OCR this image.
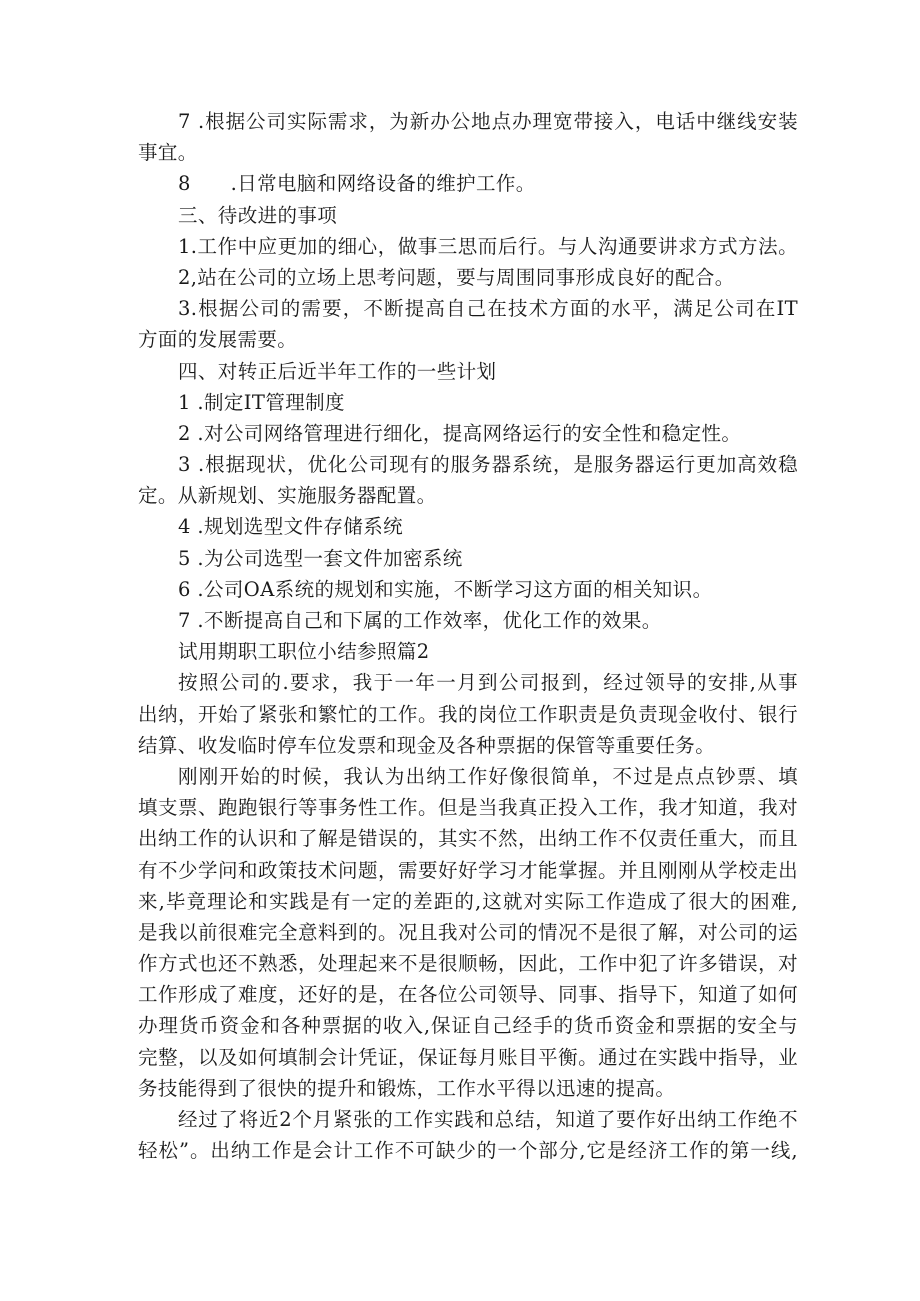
7 .根据公司实际需求，为新办公地点办理宽带接入，电话中继线安装
事宜。
8　　.日常电脑和网络设备的维护工作。
三、待改进的事项
1.工作中应更加的细心，做事三思而后行。与人沟通要讲求方式方法。
2,站在公司的立场上思考问题，要与周围同事形成良好的配合。
3.根据公司的需要，不断提高自己在技术方面的水平，满足公司在IT
方面的发展需要。
四、对转正后近半年工作的一些计划
1 .制定IT管理制度
2 .对公司网络管理进行细化，提高网络运行的安全性和稳定性。
3 .根据现状，优化公司现有的服务器系统，是服务器运行更加高效稳
定。从新规划、实施服务器配置。
4 .规划选型文件存储系统
5 .为公司选型一套文件加密系统
6 .公司OA系统的规划和实施，不断学习这方面的相关知识。
7 .不断提高自己和下属的工作效率，优化工作的效果。
试用期职工职位小结参照篇2
按照公司的.要求，我于一年一月到公司报到，经过领导的安排,从事
出纳，开始了紧张和繁忙的工作。我的岗位工作职责是负责现金收付、银行
结算、收发临时停车位发票和现金及各种票据的保管等重要任务。
刚刚开始的时候，我认为出纳工作好像很简单，不过是点点钞票、填
填支票、跑跑银行等事务性工作。但是当我真正投入工作，我才知道，我对
出纳工作的认识和了解是错误的，其实不然，出纳工作不仅责任重大，而且
有不少学问和政策技术问题，需要好好学习才能掌握。并且刚刚从学校走出
来,毕竟理论和实践是有一定的差距的,这就对实际工作造成了很大的困难,
是我以前很难完全意料到的。况且我对公司的情况不是很了解，对公司的运
作方式也还不熟悉，处理起来不是很顺畅，因此，工作中犯了许多错误，对
工作形成了难度，还好的是，在各位公司领导、同事、指导下，知道了如何
办理货币资金和各种票据的收入,保证自己经手的货币资金和票据的安全与
完整，以及如何填制会计凭证，保证每月账目平衡。通过在实践中指导，业
务技能得到了很快的提升和锻炼，工作水平得以迅速的提高。
经过了将近2个月紧张的工作实践和总结，知道了要作好出纳工作绝不
轻松”。出纳工作是会计工作不可缺少的一个部分,它是经济工作的第一线,
